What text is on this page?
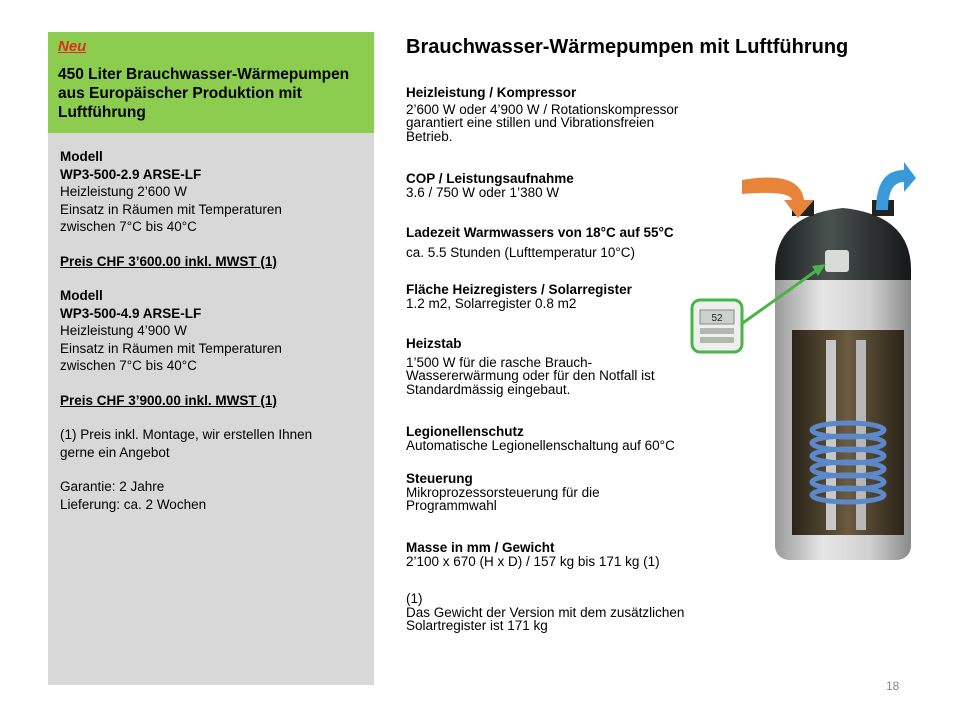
Neu
450 Liter Brauchwasser-Wärmepumpen aus Europäischer Produktion mit Luftführung
Modell
WP3-500-2.9 ARSE-LF
Heizleistung 2’600 W
Einsatz in Räumen mit Temperaturen
zwischen 7°C bis 40°C
Preis CHF 3’600.00 inkl. MWST (1)
Modell
WP3-500-4.9 ARSE-LF
Heizleistung 4’900 W
Einsatz in Räumen mit Temperaturen
zwischen 7°C bis 40°C
Preis CHF 3’900.00 inkl. MWST (1)
(1) Preis inkl. Montage, wir erstellen Ihnen
gerne ein Angebot
Garantie: 2 Jahre
Lieferung: ca. 2 Wochen
Brauchwasser-Wärmepumpen mit Luftführung
Heizleistung / Kompressor
2’600 W oder 4’900 W / Rotationskompressor
garantiert eine stillen und Vibrationsfreien
Betrieb.
COP / Leistungsaufnahme
3.6 / 750 W oder 1’380 W
Ladezeit Warmwassers von 18°C auf 55°C
ca. 5.5 Stunden (Lufttemperatur 10°C)
Fläche Heizregisters / Solarregister
1.2 m2, Solarregister 0.8 m2
Heizstab
1’500 W für die rasche Brauch-
Wassererwärmung oder für den Notfall ist
Standardmässig eingebaut.
Legionellenschutz
Automatische Legionellenschaltung auf 60°C
Steuerung
Mikroprozessorsteuerung für die
Programmwahl
Masse in mm / Gewicht
2’100 x 670 (H x D) / 157 kg bis 171 kg (1)
(1)
Das Gewicht der Version mit dem zusätzlichen
Solartregister ist 171 kg
52
18
